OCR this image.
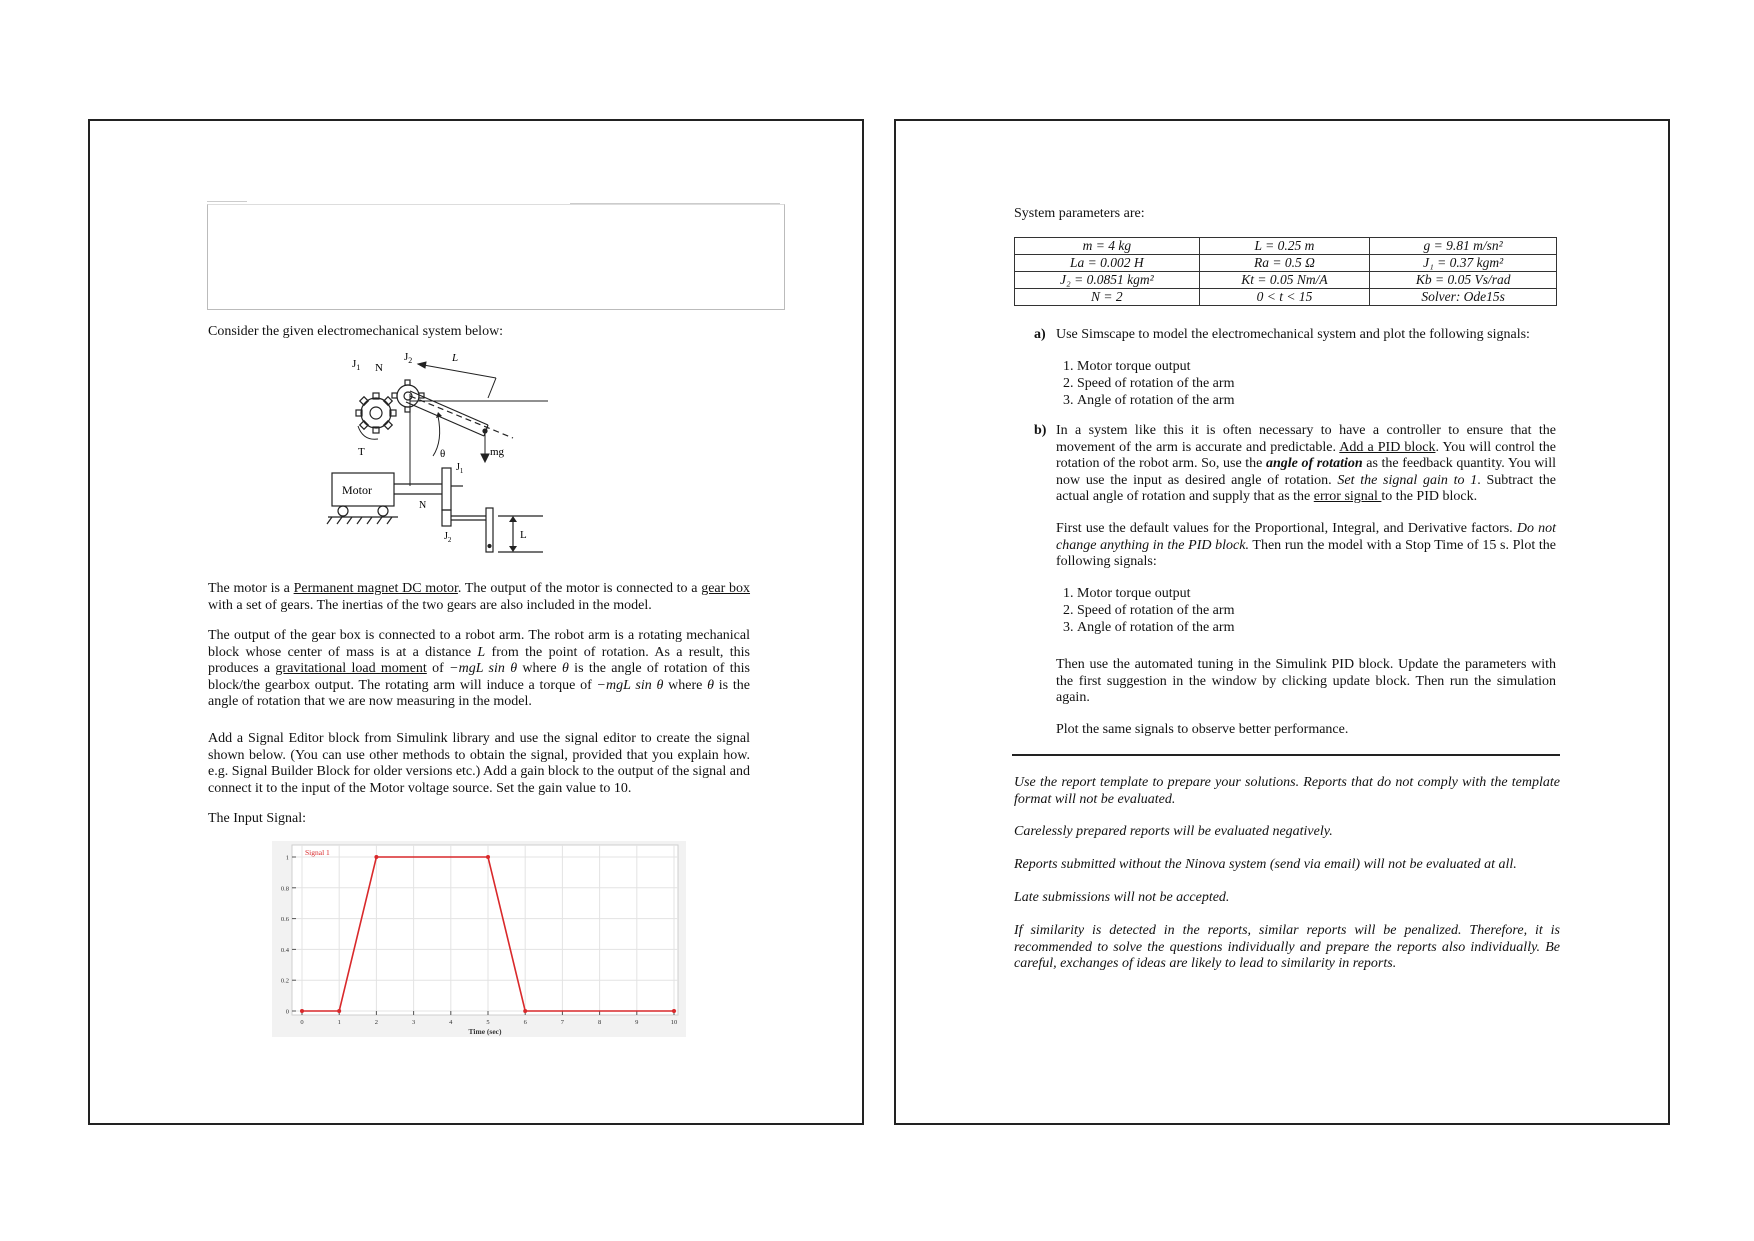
Consider the given electromechanical system below:

$J_1$ N
$J_2$	L
T	θ	mg
Motor
N
$J_1$
$J_2$	L

The motor is a Permanent magnet DC motor. The output of the motor is connected to a gear box with a set of gears. The inertias of the two gears are also included in the model.

The output of the gear box is connected to a robot arm. The robot arm is a rotating mechanical block whose center of mass is at a distance L from the point of rotation. As a result, this produces a gravitational load moment of −mgL sin θ where θ is the angle of rotation of this block/the gearbox output. The rotating arm will induce a torque of −mgL sin θ where θ is the angle of rotation that we are now measuring in the model.

Add a Signal Editor block from Simulink library and use the signal editor to create the signal shown below. (You can use other methods to obtain the signal, provided that you explain how. e.g. Signal Builder Block for older versions etc.) Add a gain block to the output of the signal and connect it to the input of the Motor voltage source. Set the gain value to 10.

The Input Signal:

0
0.2
0.4
0.6
0.8
1
0	1	2	3	4	5	6	7	8	9	10
Signal 1
Time (sec)

System parameters are:

m = 4 kg	L = 0.25 m	g = 9.81 m/sn²
La = 0.002 H	Ra = 0.5 Ω	J₁ = 0.37 kgm²
J₂ = 0.0851 kgm²	Kt = 0.05 Nm/A	Kb = 0.05 Vs/rad
N = 2	0 < t < 15	Solver: Ode15s
a) Use Simscape to model the electromechanical system and plot the following signals:

1. Motor torque output
2. Speed of rotation of the arm
3. Angle of rotation of the arm
b) In a system like this it is often necessary to have a controller to ensure that the movement of the arm is accurate and predictable. Add a PID block. You will control the rotation of the robot arm. So, use the angle of rotation as the feedback quantity. You will now use the input as desired angle of rotation. Set the signal gain to 1. Subtract the actual angle of rotation and supply that as the error signal to the PID block.

First use the default values for the Proportional, Integral, and Derivative factors. Do not change anything in the PID block. Then run the model with a Stop Time of 15 s. Plot the following signals:

1. Motor torque output
2. Speed of rotation of the arm
3. Angle of rotation of the arm

Then use the automated tuning in the Simulink PID block. Update the parameters with the first suggestion in the window by clicking update block. Then run the simulation again.

Plot the same signals to observe better performance.

Use the report template to prepare your solutions. Reports that do not comply with the template format will not be evaluated.

Carelessly prepared reports will be evaluated negatively.

Reports submitted without the Ninova system (send via email) will not be evaluated at all.

Late submissions will not be accepted.

If similarity is detected in the reports, similar reports will be penalized. Therefore, it is recommended to solve the questions individually and prepare the reports also individually. Be careful, exchanges of ideas are likely to lead to similarity in reports.
